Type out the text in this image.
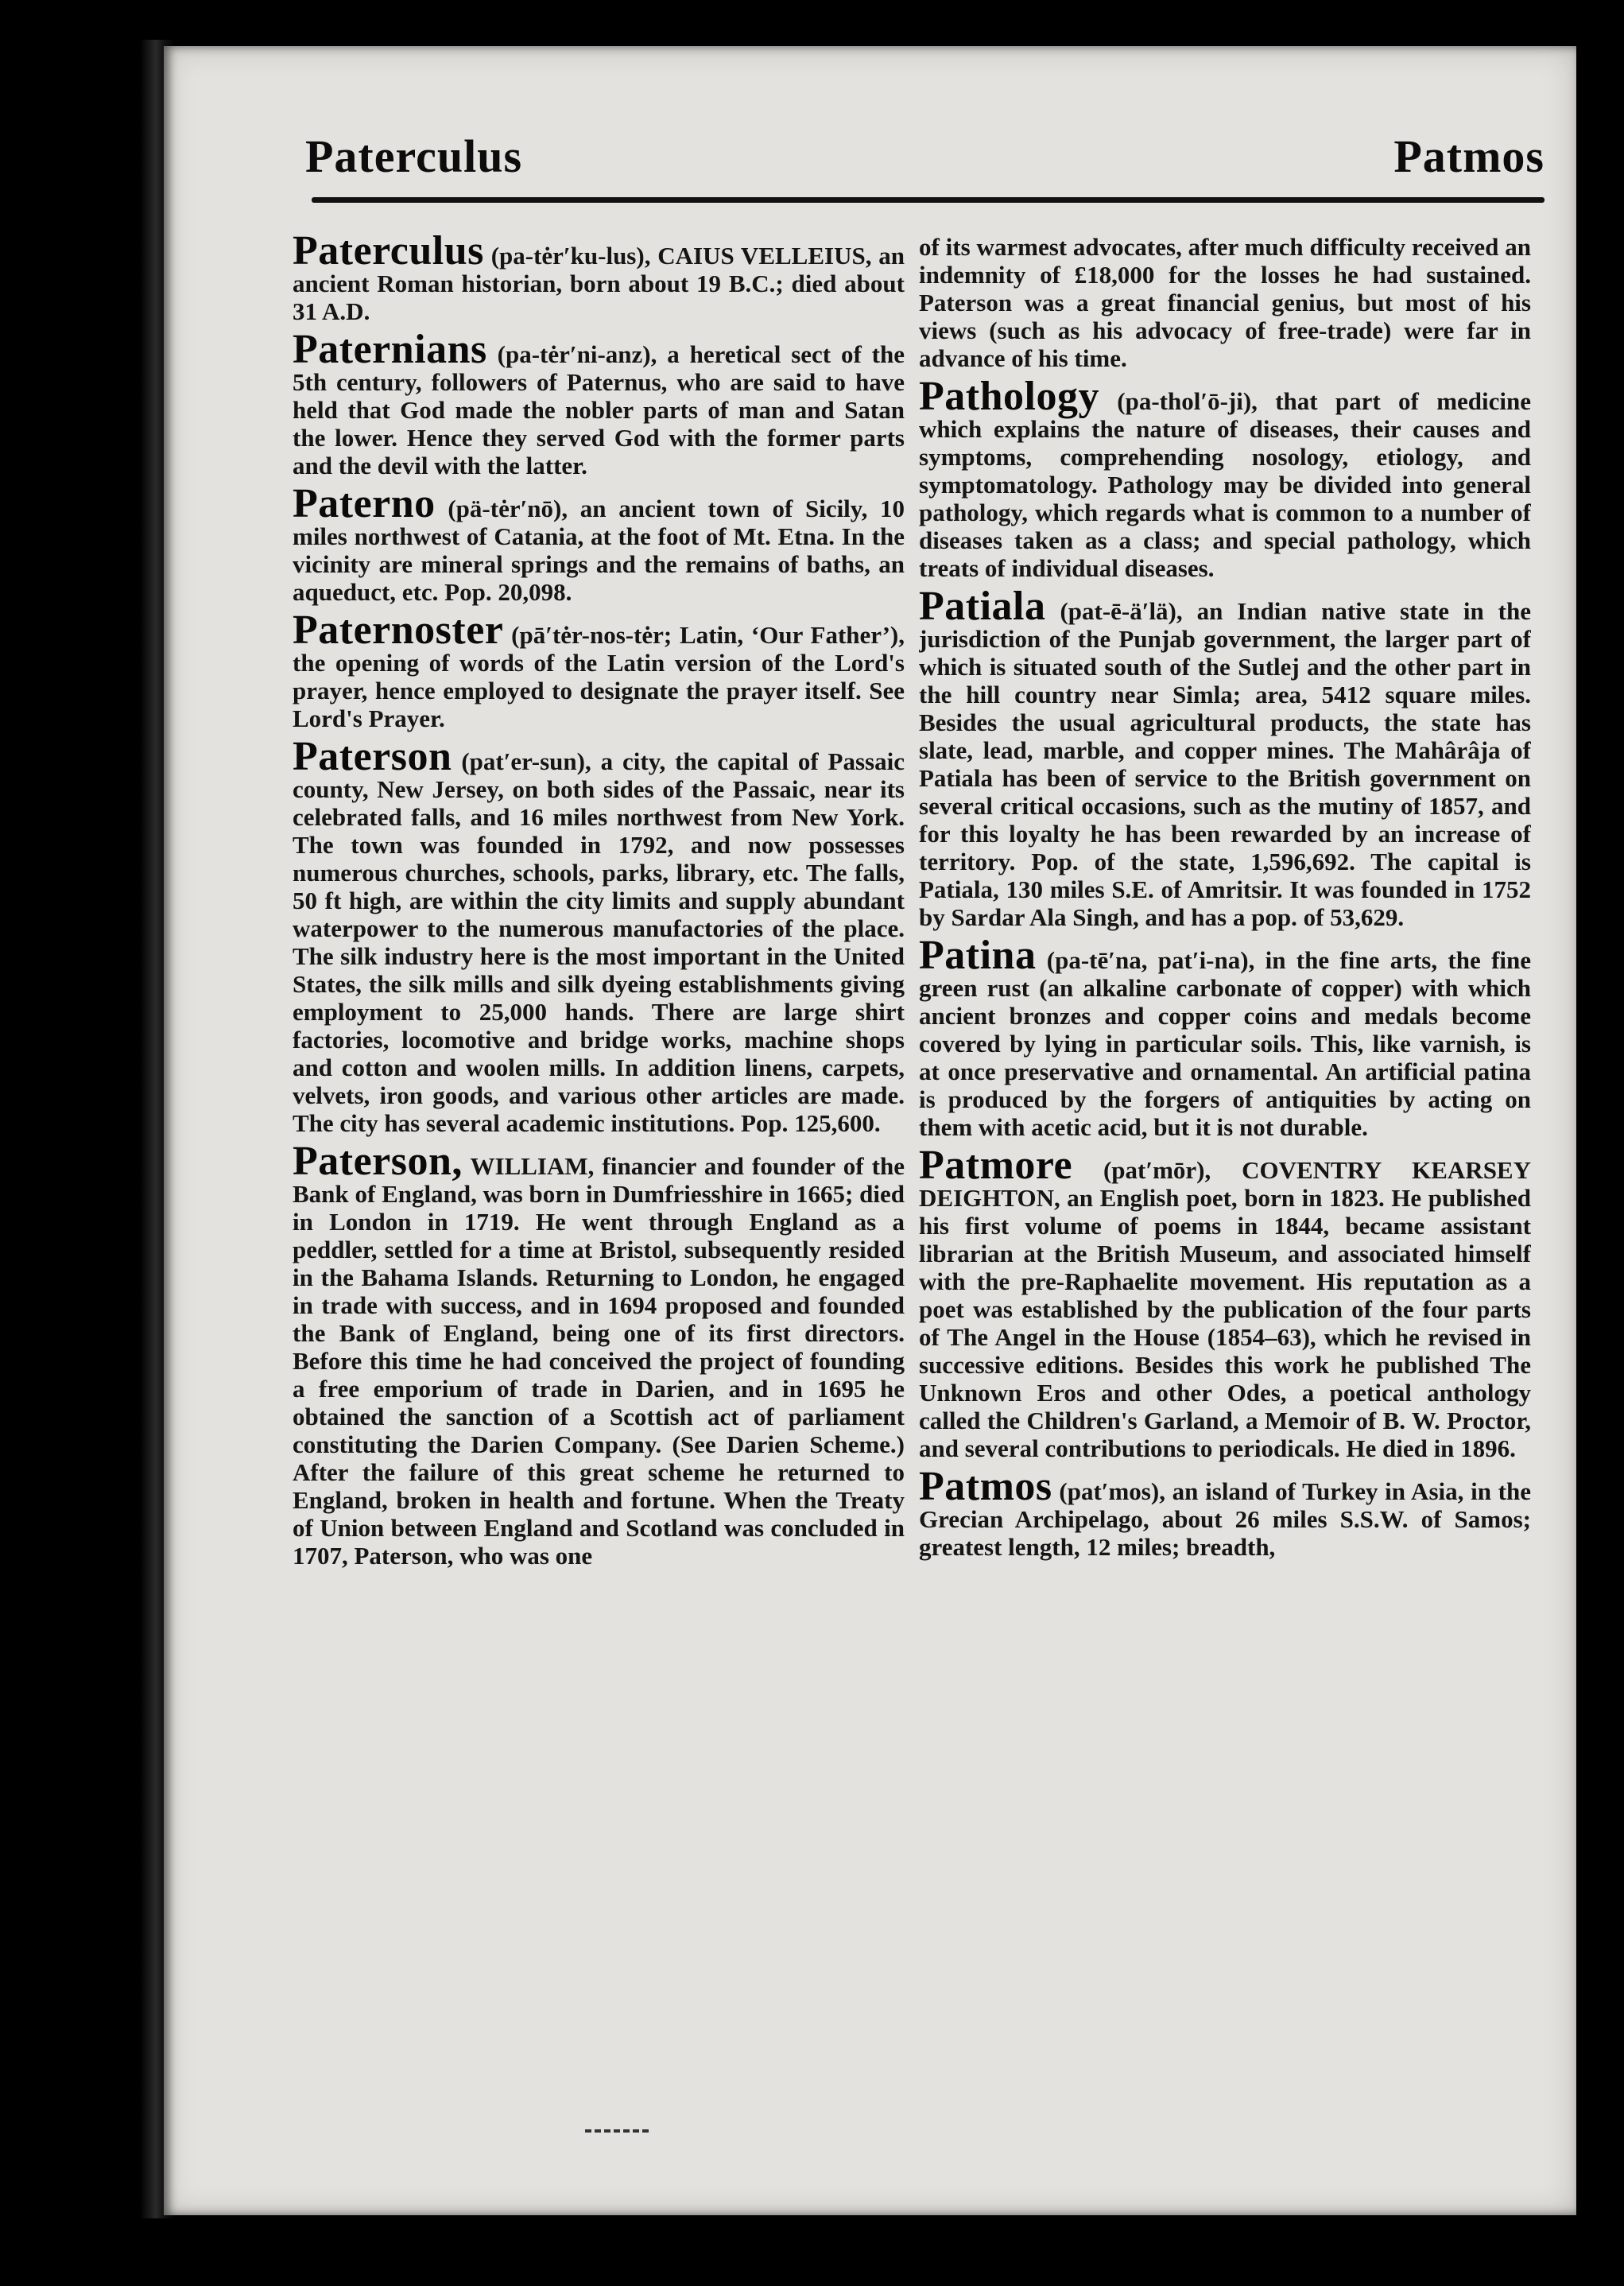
Paterculus	Patmos

Paterculus (pa-tėr′ku-lus), CAIUS VELLEIUS, an ancient Roman historian, born about 19 B.C.; died about 31 A.D.

Paternians (pa-tėr′ni-anz), a heretical sect of the 5th century, followers of Paternus, who are said to have held that God made the nobler parts of man and Satan the lower. Hence they served God with the former parts and the devil with the latter.

Paterno (pä-tėr′nō), an ancient town of Sicily, 10 miles northwest of Catania, at the foot of Mt. Etna. In the vicinity are mineral springs and the remains of baths, an aqueduct, etc. Pop. 20,098.

Paternoster (pā′tėr-nos-tėr; Latin, ‘Our Father’), the opening of words of the Latin version of the Lord's prayer, hence employed to designate the prayer itself. See Lord's Prayer.

Paterson (pat′er-sun), a city, the capital of Passaic county, New Jersey, on both sides of the Passaic, near its celebrated falls, and 16 miles northwest from New York. The town was founded in 1792, and now possesses numerous churches, schools, parks, library, etc. The falls, 50 ft high, are within the city limits and supply abundant waterpower to the numerous manufactories of the place. The silk industry here is the most important in the United States, the silk mills and silk dyeing establishments giving employment to 25,000 hands. There are large shirt factories, locomotive and bridge works, machine shops and cotton and woolen mills. In addition linens, carpets, velvets, iron goods, and various other articles are made. The city has several academic institutions. Pop. 125,600.

Paterson, WILLIAM, financier and founder of the Bank of England, was born in Dumfriesshire in 1665; died in London in 1719. He went through England as a peddler, settled for a time at Bristol, subsequently resided in the Bahama Islands. Returning to London, he engaged in trade with success, and in 1694 proposed and founded the Bank of England, being one of its first directors. Before this time he had conceived the project of founding a free emporium of trade in Darien, and in 1695 he obtained the sanction of a Scottish act of parliament constituting the Darien Company. (See Darien Scheme.) After the failure of this great scheme he returned to England, broken in health and fortune. When the Treaty of Union between England and Scotland was concluded in 1707, Paterson, who was one

of its warmest advocates, after much difficulty received an indemnity of £18,000 for the losses he had sustained. Paterson was a great financial genius, but most of his views (such as his advocacy of free-trade) were far in advance of his time.

Pathology (pa-thol′ō-ji), that part of medicine which explains the nature of diseases, their causes and symptoms, comprehending nosology, etiology, and symptomatology. Pathology may be divided into general pathology, which regards what is common to a number of diseases taken as a class; and special pathology, which treats of individual diseases.

Patiala (pat-ē-ä′lä), an Indian native state in the jurisdiction of the Punjab government, the larger part of which is situated south of the Sutlej and the other part in the hill country near Simla; area, 5412 square miles. Besides the usual agricultural products, the state has slate, lead, marble, and copper mines. The Mahârâja of Patiala has been of service to the British government on several critical occasions, such as the mutiny of 1857, and for this loyalty he has been rewarded by an increase of territory. Pop. of the state, 1,596,692. The capital is Patiala, 130 miles S.E. of Amritsir. It was founded in 1752 by Sardar Ala Singh, and has a pop. of 53,629.

Patina (pa-tē′na, pat′i-na), in the fine arts, the fine green rust (an alkaline carbonate of copper) with which ancient bronzes and copper coins and medals become covered by lying in particular soils. This, like varnish, is at once preservative and ornamental. An artificial patina is produced by the forgers of antiquities by acting on them with acetic acid, but it is not durable.

Patmore (pat′mōr), COVENTRY KEARSEY DEIGHTON, an English poet, born in 1823. He published his first volume of poems in 1844, became assistant librarian at the British Museum, and associated himself with the pre-Raphaelite movement. His reputation as a poet was established by the publication of the four parts of The Angel in the House (1854–63), which he revised in successive editions. Besides this work he published The Unknown Eros and other Odes, a poetical anthology called the Children's Garland, a Memoir of B. W. Proctor, and several contributions to periodicals. He died in 1896.

Patmos (pat′mos), an island of Turkey in Asia, in the Grecian Archipelago, about 26 miles S.S.W. of Samos; greatest length, 12 miles; breadth,
